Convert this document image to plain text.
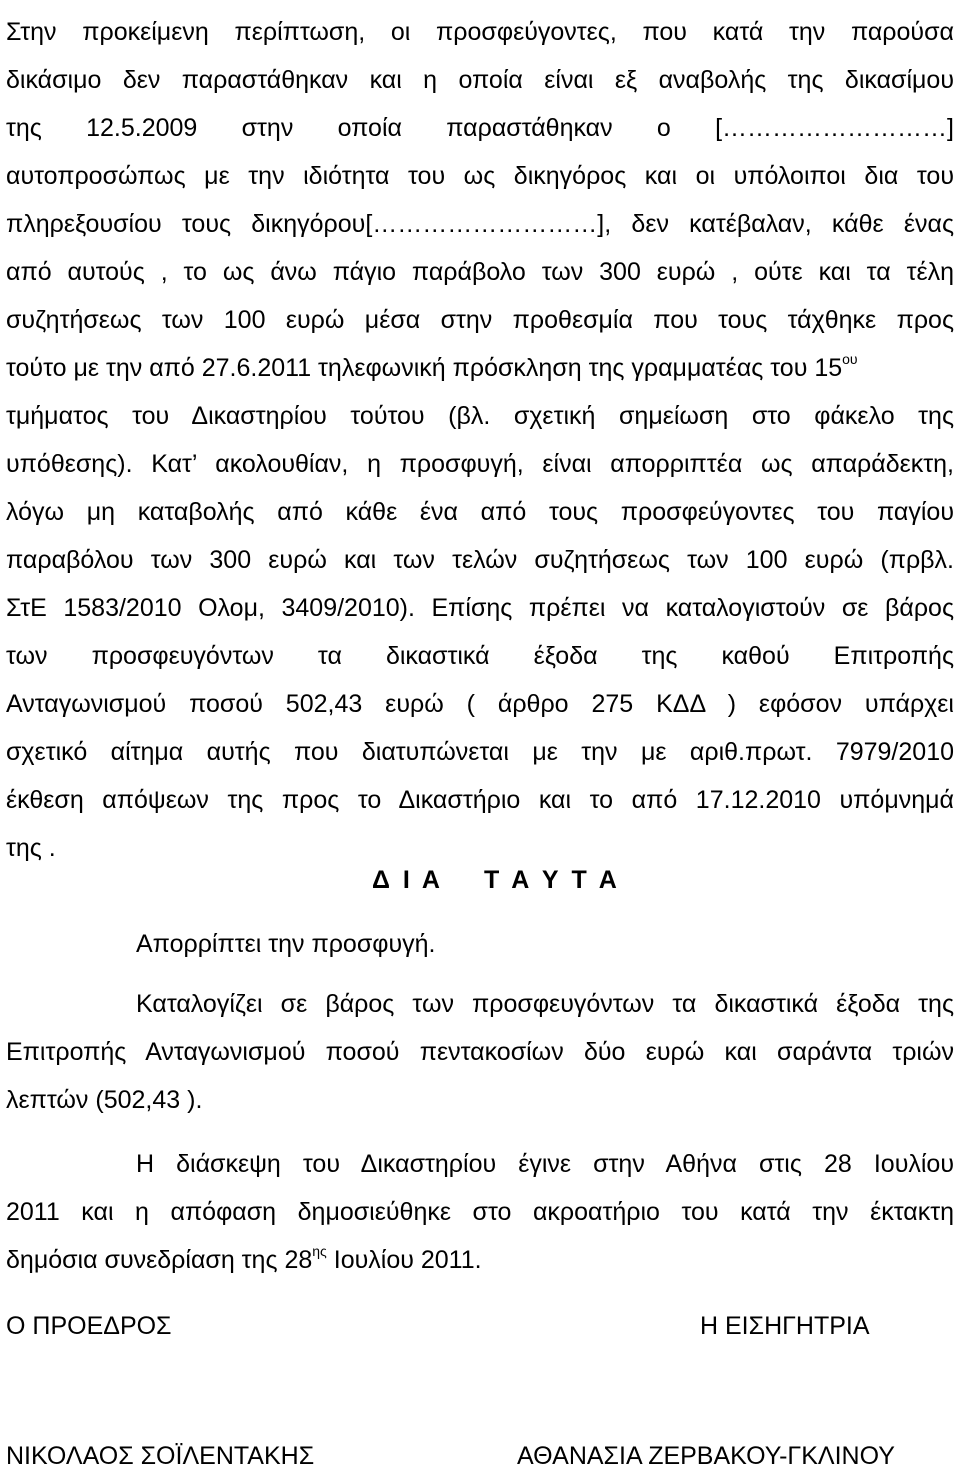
Στην προκείμενη περίπτωση, οι προσφεύγοντες, που κατά την παρούσα
δικάσιμο δεν παραστάθηκαν και η οποία είναι εξ αναβολής της δικασίμου
της 12.5.2009 στην οποία παραστάθηκαν ο [………………………]
αυτοπροσώπως με την ιδιότητα του ως δικηγόρος και οι υπόλοιποι δια του
πληρεξουσίου τους δικηγόρου[………………………], δεν κατέβαλαν, κάθε ένας
από αυτούς , το ως άνω πάγιο παράβολο των 300 ευρώ , ούτε και τα τέλη
συζητήσεως των 100 ευρώ μέσα στην προθεσμία που τους τάχθηκε προς
τούτο με την από 27.6.2011 τηλεφωνική πρόσκληση της γραμματέας του $15^{o\upsilon}$
τμήματος του Δικαστηρίου τούτου (βλ. σχετική σημείωση στο φάκελο της
υπόθεσης). Κατ’ ακολουθίαν, η προσφυγή, είναι απορριπτέα ως απαράδεκτη,
λόγω μη καταβολής από κάθε ένα από τους προσφεύγοντες του παγίου
παραβόλου των 300 ευρώ και των τελών συζητήσεως των 100 ευρώ (πρβλ.
ΣτΕ 1583/2010 Ολομ, 3409/2010). Επίσης πρέπει να καταλογιστούν σε βάρος
των προσφευγόντων τα δικαστικά έξοδα της καθού Επιτροπής
Ανταγωνισμού ποσού 502,43 ευρώ ( άρθρο 275 ΚΔΔ ) εφόσον υπάρχει
σχετικό αίτημα αυτής που διατυπώνεται με την με αριθ.πρωτ. 7979/2010
έκθεση απόψεων της προς το Δικαστήριο και το από 17.12.2010 υπόμνημά
της .
Δ Ι Α Τ Α Υ Τ Α
Απορρίπτει την προσφυγή.
Καταλογίζει σε βάρος των προσφευγόντων τα δικαστικά έξοδα της
Επιτροπής Ανταγωνισμού ποσού πεντακοσίων δύο ευρώ και σαράντα τριών
λεπτών (502,43 ).
Η διάσκεψη του Δικαστηρίου έγινε στην Αθήνα στις 28 Ιουλίου
2011 και η απόφαση δημοσιεύθηκε στο ακροατήριο του κατά την έκτακτη
δημόσια συνεδρίαση της $28^{\eta\varsigma}$ Ιουλίου 2011.
Ο ΠΡΟΕΔΡΟΣ	Η ΕΙΣΗΓΗΤΡΙΑ
ΝΙΚΟΛΑΟΣ ΣΟΪΛΕΝΤΑΚΗΣ	ΑΘΑΝΑΣΙΑ ΖΕΡΒΑΚΟΥ-ΓΚΛΙΝΟΥ
